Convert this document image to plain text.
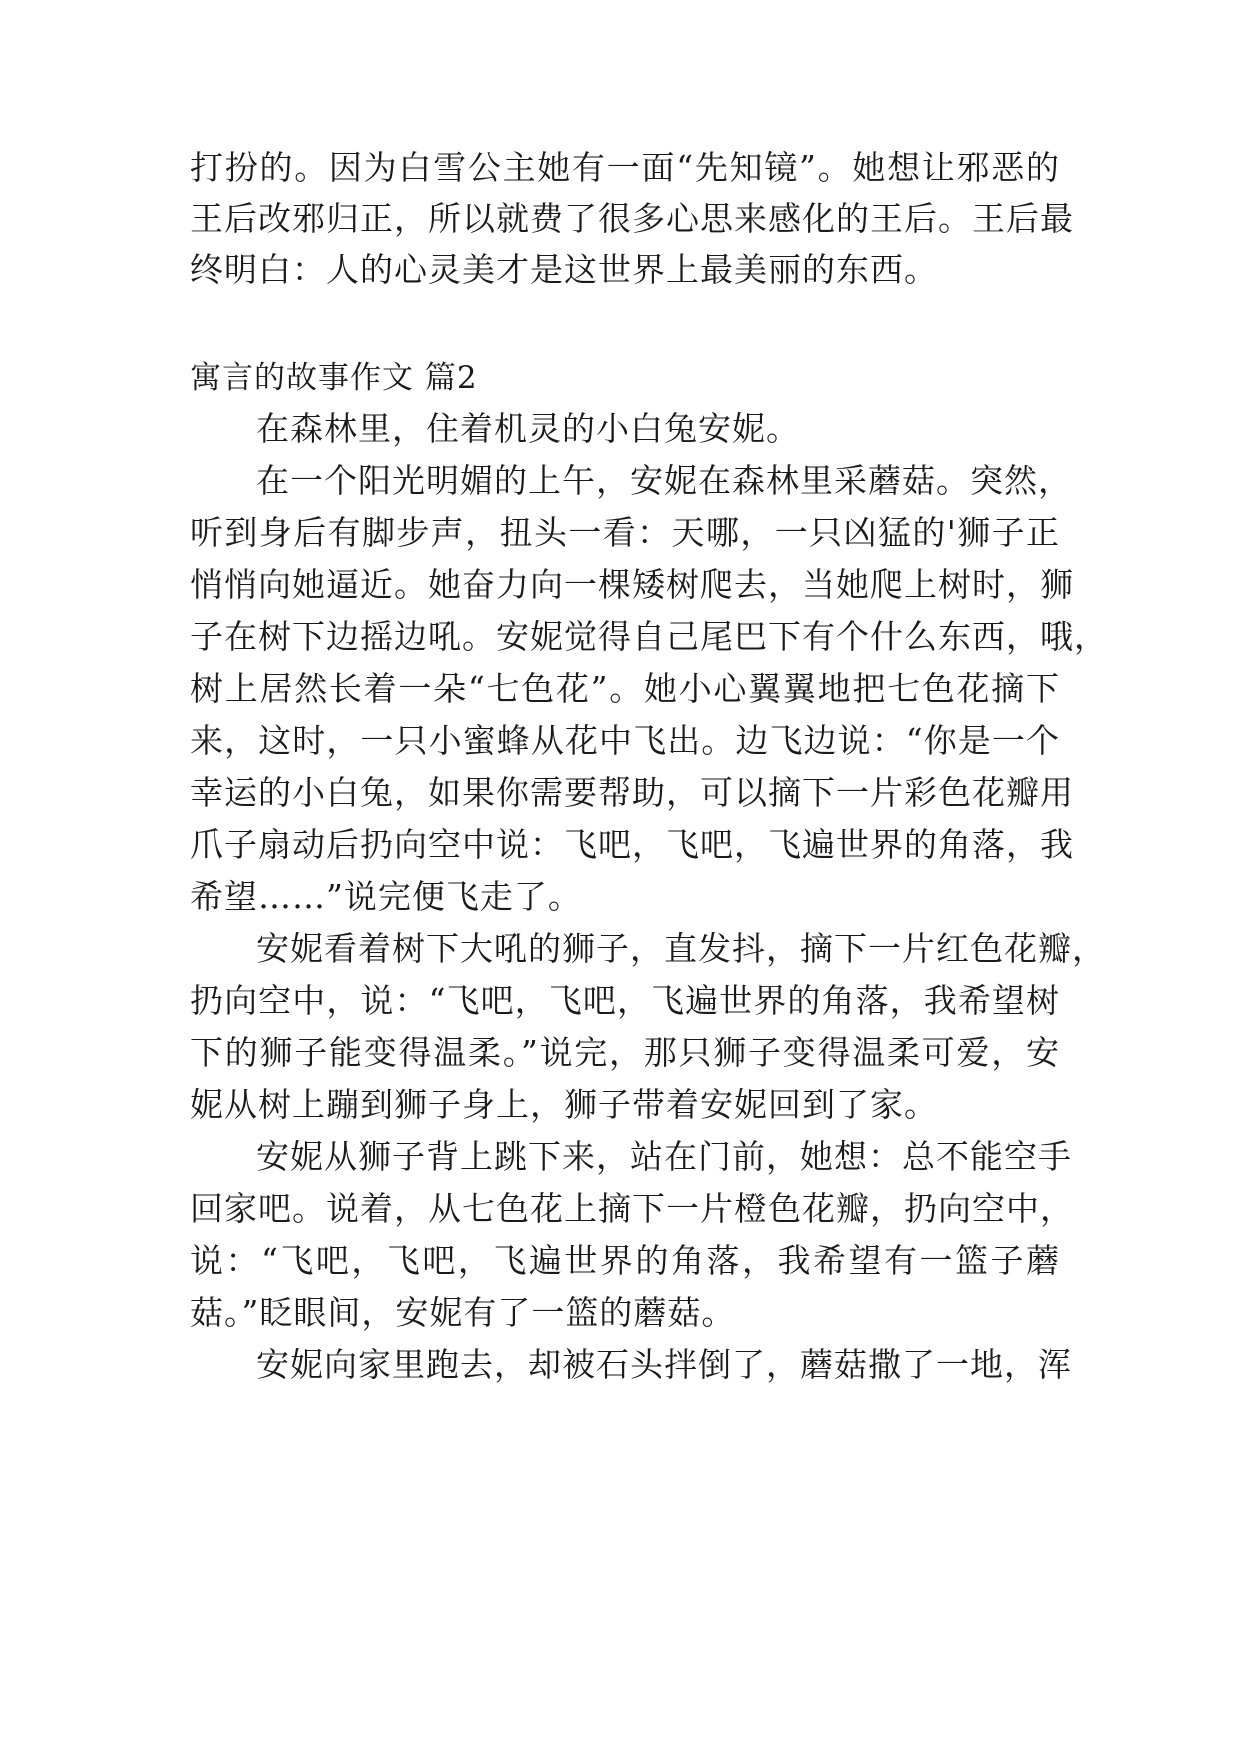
打扮的。因为白雪公主她有一面“先知镜”。她想让邪恶的
王后改邪归正，所以就费了很多心思来感化的王后。王后最
终明白：人的心灵美才是这世界上最美丽的东西。
寓言的故事作文 篇2
在森林里，住着机灵的小白兔安妮。
在一个阳光明媚的上午，安妮在森林里采蘑菇。突然，
听到身后有脚步声，扭头一看：天哪，一只凶猛的'狮子正
悄悄向她逼近。她奋力向一棵矮树爬去，当她爬上树时，狮
子在树下边摇边吼。安妮觉得自己尾巴下有个什么东西，哦，
树上居然长着一朵“七色花”。她小心翼翼地把七色花摘下
来，这时，一只小蜜蜂从花中飞出。边飞边说：“你是一个
幸运的小白兔，如果你需要帮助，可以摘下一片彩色花瓣用
爪子扇动后扔向空中说：飞吧，飞吧，飞遍世界的角落，我
希望……”说完便飞走了。
安妮看着树下大吼的狮子，直发抖，摘下一片红色花瓣，
扔向空中，说：“飞吧，飞吧，飞遍世界的角落，我希望树
下的狮子能变得温柔。”说完，那只狮子变得温柔可爱，安
妮从树上蹦到狮子身上，狮子带着安妮回到了家。
安妮从狮子背上跳下来，站在门前，她想：总不能空手
回家吧。说着，从七色花上摘下一片橙色花瓣，扔向空中，
说：“飞吧，飞吧，飞遍世界的角落，我希望有一篮子蘑
菇。”眨眼间，安妮有了一篮的蘑菇。
安妮向家里跑去，却被石头拌倒了，蘑菇撒了一地，浑
